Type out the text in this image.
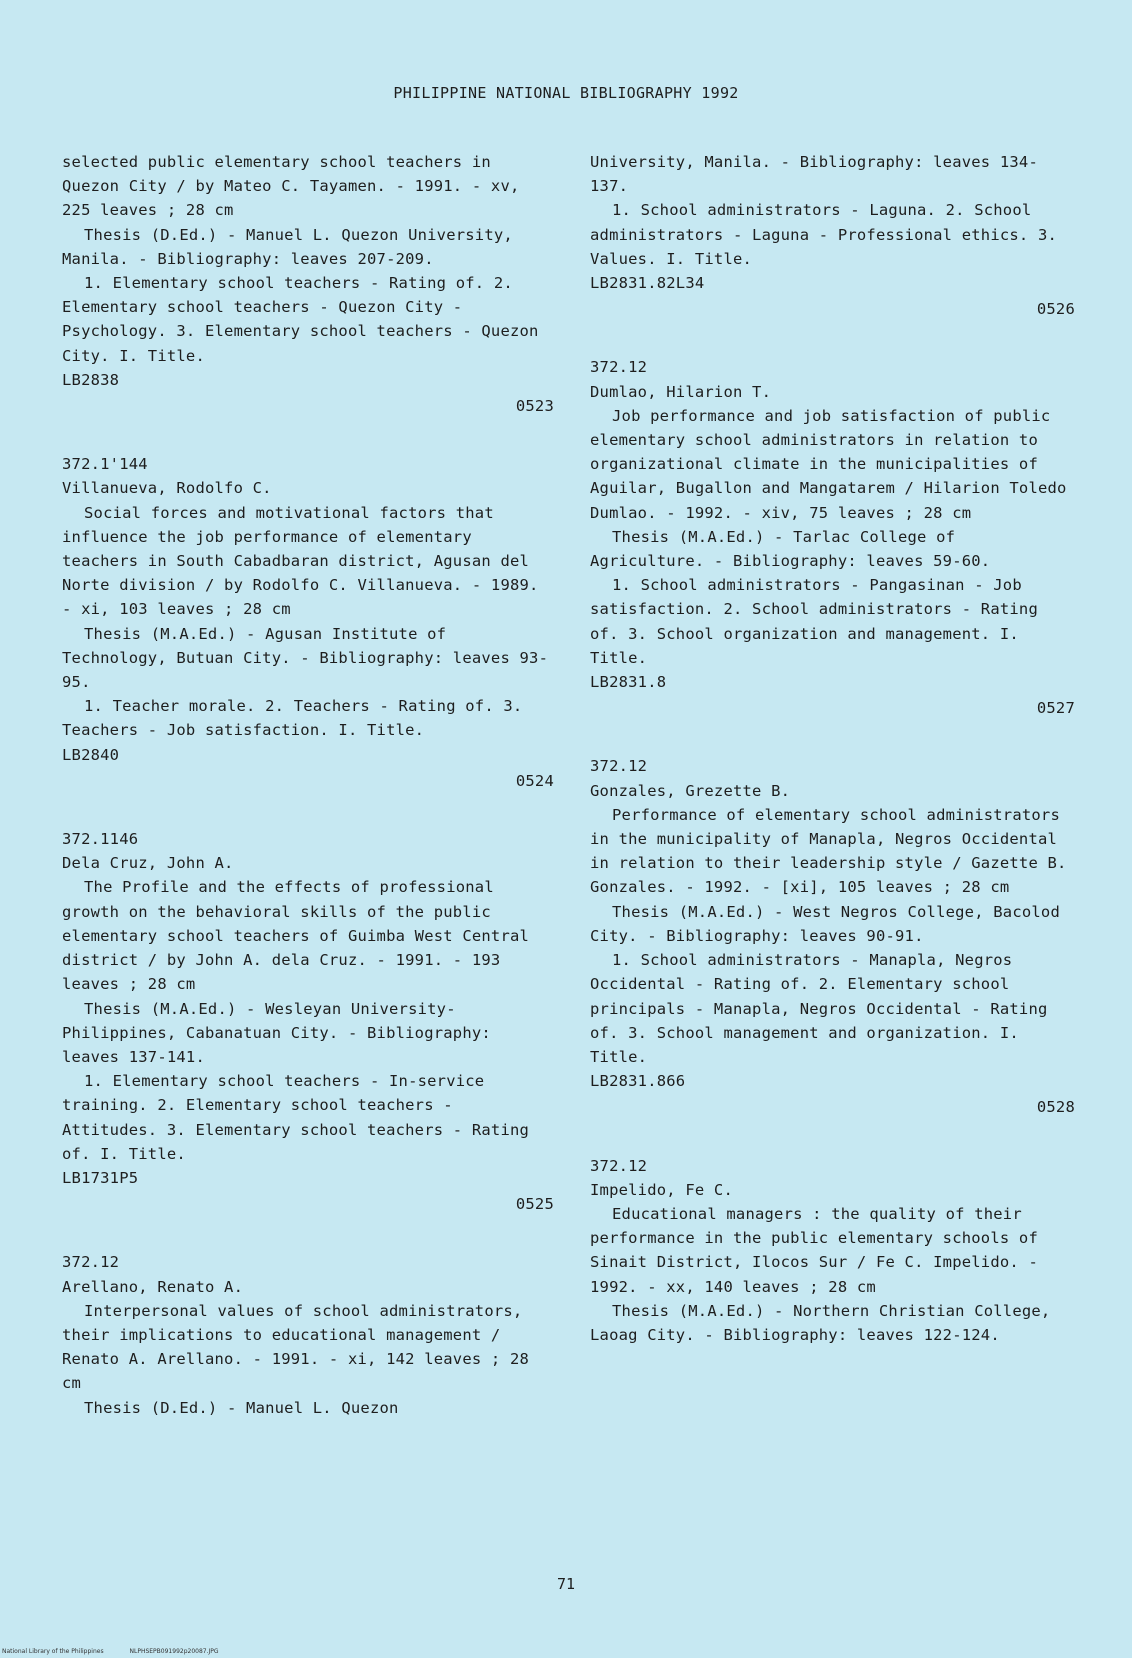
PHILIPPINE NATIONAL BIBLIOGRAPHY 1992

selected public elementary school teachers in Quezon City / by Mateo C. Tayamen. - 1991. - xv, 225 leaves ; 28 cm

Thesis (D.Ed.) - Manuel L. Quezon University, Manila. - Bibliography: leaves 207-209.

1. Elementary school teachers - Rating of. 2. Elementary school teachers - Quezon City - Psychology. 3. Elementary school teachers - Quezon City. I. Title.

LB2838

0523

372.1'144

Villanueva, Rodolfo C.

Social forces and motivational factors that influence the job performance of elementary teachers in South Cabadbaran district, Agusan del Norte division / by Rodolfo C. Villanueva. - 1989. - xi, 103 leaves ; 28 cm

Thesis (M.A.Ed.) - Agusan Institute of Technology, Butuan City. - Bibliography: leaves 93-95.

1. Teacher morale. 2. Teachers - Rating of. 3. Teachers - Job satisfaction. I. Title.

LB2840

0524

372.1146

Dela Cruz, John A.

The Profile and the effects of professional growth on the behavioral skills of the public elementary school teachers of Guimba West Central district / by John A. dela Cruz. - 1991. - 193 leaves ; 28 cm

Thesis (M.A.Ed.) - Wesleyan University-Philippines, Cabanatuan City. - Bibliography: leaves 137-141.

1. Elementary school teachers - In-service training. 2. Elementary school teachers - Attitudes. 3. Elementary school teachers - Rating of. I. Title.

LB1731P5

0525

372.12

Arellano, Renato A.

Interpersonal values of school administrators, their implications to educational management / Renato A. Arellano. - 1991. - xi, 142 leaves ; 28 cm

Thesis (D.Ed.) - Manuel L. Quezon

University, Manila. - Bibliography: leaves 134-137.

1. School administrators - Laguna. 2. School administrators - Laguna - Professional ethics. 3. Values. I. Title.

LB2831.82L34

0526

372.12

Dumlao, Hilarion T.

Job performance and job satisfaction of public elementary school administrators in relation to organizational climate in the municipalities of Aguilar, Bugallon and Mangatarem / Hilarion Toledo Dumlao. - 1992. - xiv, 75 leaves ; 28 cm

Thesis (M.A.Ed.) - Tarlac College of Agriculture. - Bibliography: leaves 59-60.

1. School administrators - Pangasinan - Job satisfaction. 2. School administrators - Rating of. 3. School organization and management. I. Title.

LB2831.8

0527

372.12

Gonzales, Grezette B.

Performance of elementary school administrators in the municipality of Manapla, Negros Occidental in relation to their leadership style / Gazette B. Gonzales. - 1992. - [xi], 105 leaves ; 28 cm

Thesis (M.A.Ed.) - West Negros College, Bacolod City. - Bibliography: leaves 90-91.

1. School administrators - Manapla, Negros Occidental - Rating of. 2. Elementary school principals - Manapla, Negros Occidental - Rating of. 3. School management and organization. I. Title.

LB2831.866

0528

372.12

Impelido, Fe C.

Educational managers : the quality of their performance in the public elementary schools of Sinait District, Ilocos Sur / Fe C. Impelido. - 1992. - xx, 140 leaves ; 28 cm

Thesis (M.A.Ed.) - Northern Christian College, Laoag City. - Bibliography: leaves 122-124.

71
National Library of the Philippines	NLPHSEPB091992p20087.JPG
